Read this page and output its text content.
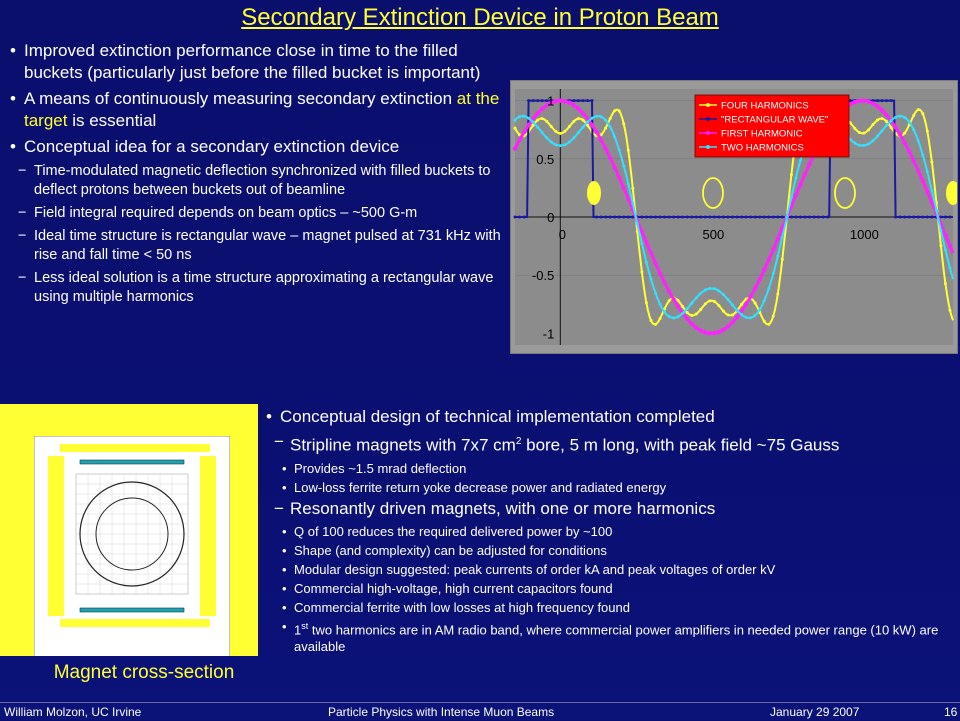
Secondary Extinction Device in Proton Beam
• Improved extinction performance close in time to the filled buckets (particularly just before the filled bucket is important)
• A means of continuously measuring secondary extinction at the target is essential
• Conceptual idea for a secondary extinction device
− Time-modulated magnetic deflection synchronized with filled buckets to deflect protons between buckets out of beamline
− Field integral required depends on beam optics – ~500 G-m
− Ideal time structure is rectangular wave – magnet pulsed at 731 kHz with rise and fall time < 50 ns
− Less ideal solution is a time structure approximating a rectangular wave using multiple harmonics
1
0.5
0
-0.5
-1
0	500	1000
FOUR HARMONICS
"RECTANGULAR WAVE"
FIRST HARMONIC
TWO HARMONICS
Magnet cross-section
• Conceptual design of technical implementation completed
− Stripline magnets with 7x7 $cm^2$ bore, 5 m long, with peak field ~75 Gauss
• Provides ~1.5 mrad deflection
• Low-loss ferrite return yoke decrease power and radiated energy
− Resonantly driven magnets, with one or more harmonics
• Q of 100 reduces the required delivered power by ~100
• Shape (and complexity) can be adjusted for conditions
• Modular design suggested: peak currents of order kA and peak voltages of order kV
• Commercial high-voltage, high current capacitors found
• Commercial ferrite with low losses at high frequency found
• 1st two harmonics are in AM radio band, where commercial power amplifiers in needed power range (10 kW) are available
William Molzon, UC Irvine	Particle Physics with Intense Muon Beams	January 29 2007	16
